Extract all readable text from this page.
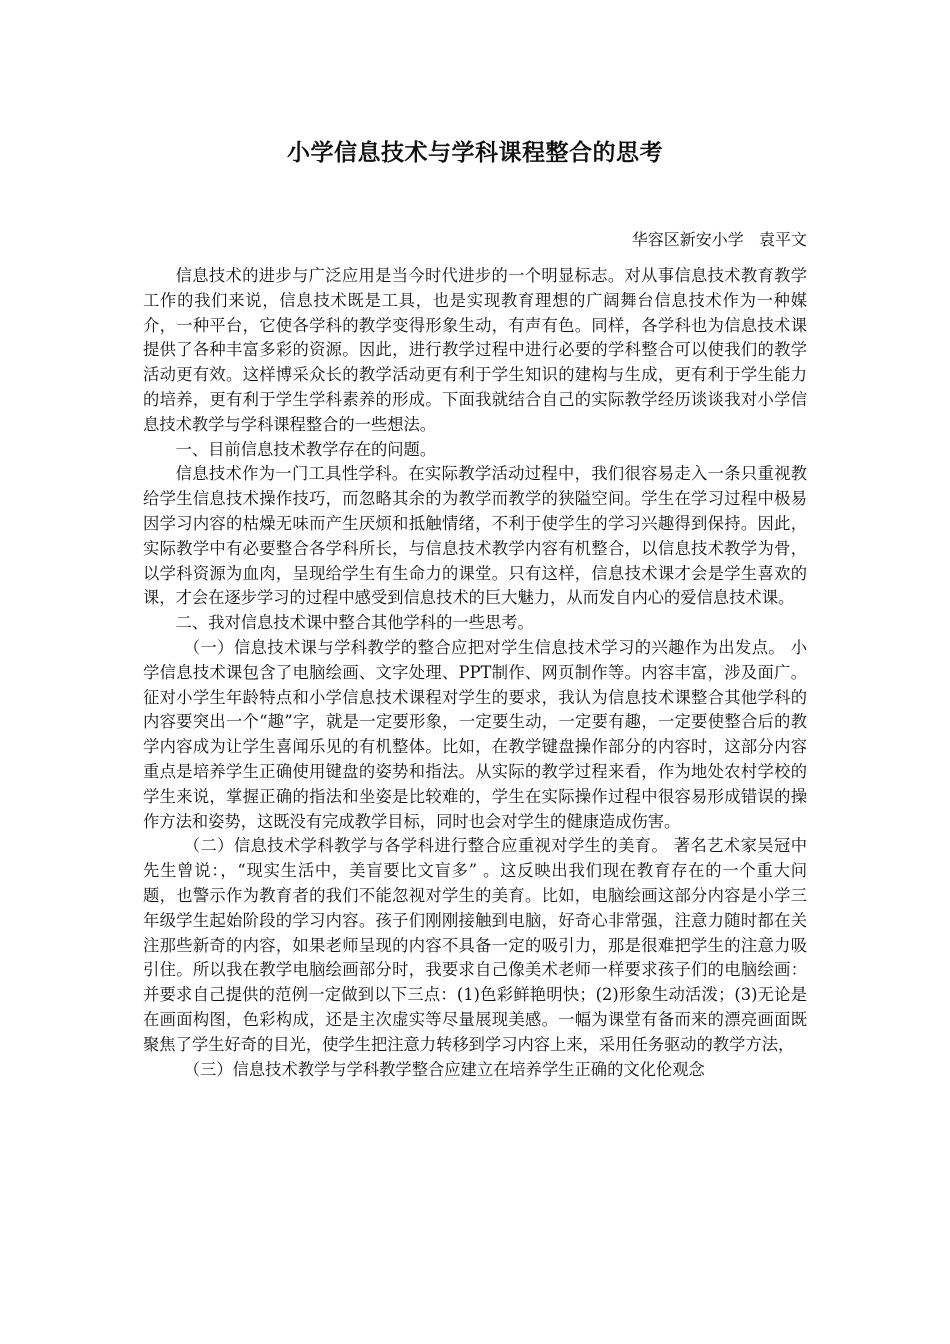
小学信息技术与学科课程整合的思考
华容区新安小学   袁平文

信息技术的进步与广泛应用是当今时代进步的一个明显标志。对从事信息技术教育教学工作的我们来说，信息技术既是工具，也是实现教育理想的广阔舞台信息技术作为一种媒介，一种平台，它使各学科的教学变得形象生动，有声有色。同样，各学科也为信息技术课提供了各种丰富多彩的资源。因此，进行教学过程中进行必要的学科整合可以使我们的教学活动更有效。这样博采众长的教学活动更有利于学生知识的建构与生成，更有利于学生能力的培养，更有利于学生学科素养的形成。下面我就结合自己的实际教学经历谈谈我对小学信息技术教学与学科课程整合的一些想法。

一、目前信息技术教学存在的问题。

信息技术作为一门工具性学科。在实际教学活动过程中，我们很容易走入一条只重视教给学生信息技术操作技巧，而忽略其余的为教学而教学的狭隘空间。学生在学习过程中极易因学习内容的枯燥无味而产生厌烦和抵触情绪，不利于使学生的学习兴趣得到保持。因此，实际教学中有必要整合各学科所长，与信息技术教学内容有机整合，以信息技术教学为骨，以学科资源为血肉，呈现给学生有生命力的课堂。只有这样，信息技术课才会是学生喜欢的课，才会在逐步学习的过程中感受到信息技术的巨大魅力，从而发自内心的爱信息技术课。

二、我对信息技术课中整合其他学科的一些思考。

（一）信息技术课与学科教学的整合应把对学生信息技术学习的兴趣作为出发点。 小学信息技术课包含了电脑绘画、文字处理、PPT制作、网页制作等。内容丰富，涉及面广。征对小学生年龄特点和小学信息技术课程对学生的要求，我认为信息技术课整合其他学科的内容要突出一个“趣”字，就是一定要形象，一定要生动，一定要有趣，一定要使整合后的教学内容成为让学生喜闻乐见的有机整体。比如，在教学键盘操作部分的内容时，这部分内容重点是培养学生正确使用键盘的姿势和指法。从实际的教学过程来看，作为地处农村学校的学生来说，掌握正确的指法和坐姿是比较难的，学生在实际操作过程中很容易形成错误的操作方法和姿势，这既没有完成教学目标，同时也会对学生的健康造成伤害。

（二）信息技术学科教学与各学科进行整合应重视对学生的美育。 著名艺术家吴冠中先生曾说：，“现实生活中，美盲要比文盲多” 。这反映出我们现在教育存在的一个重大问题，也警示作为教育者的我们不能忽视对学生的美育。比如，电脑绘画这部分内容是小学三年级学生起始阶段的学习内容。孩子们刚刚接触到电脑，好奇心非常强，注意力随时都在关注那些新奇的内容，如果老师呈现的内容不具备一定的吸引力，那是很难把学生的注意力吸引住。所以我在教学电脑绘画部分时，我要求自己像美术老师一样要求孩子们的电脑绘画：并要求自己提供的范例一定做到以下三点：(1)色彩鲜艳明快；(2)形象生动活泼；(3)无论是在画面构图，色彩构成，还是主次虚实等尽量展现美感。一幅为课堂有备而来的漂亮画面既聚焦了学生好奇的目光，使学生把注意力转移到学习内容上来，采用任务驱动的教学方法，

（三）信息技术教学与学科教学整合应建立在培养学生正确的文化伦观念
